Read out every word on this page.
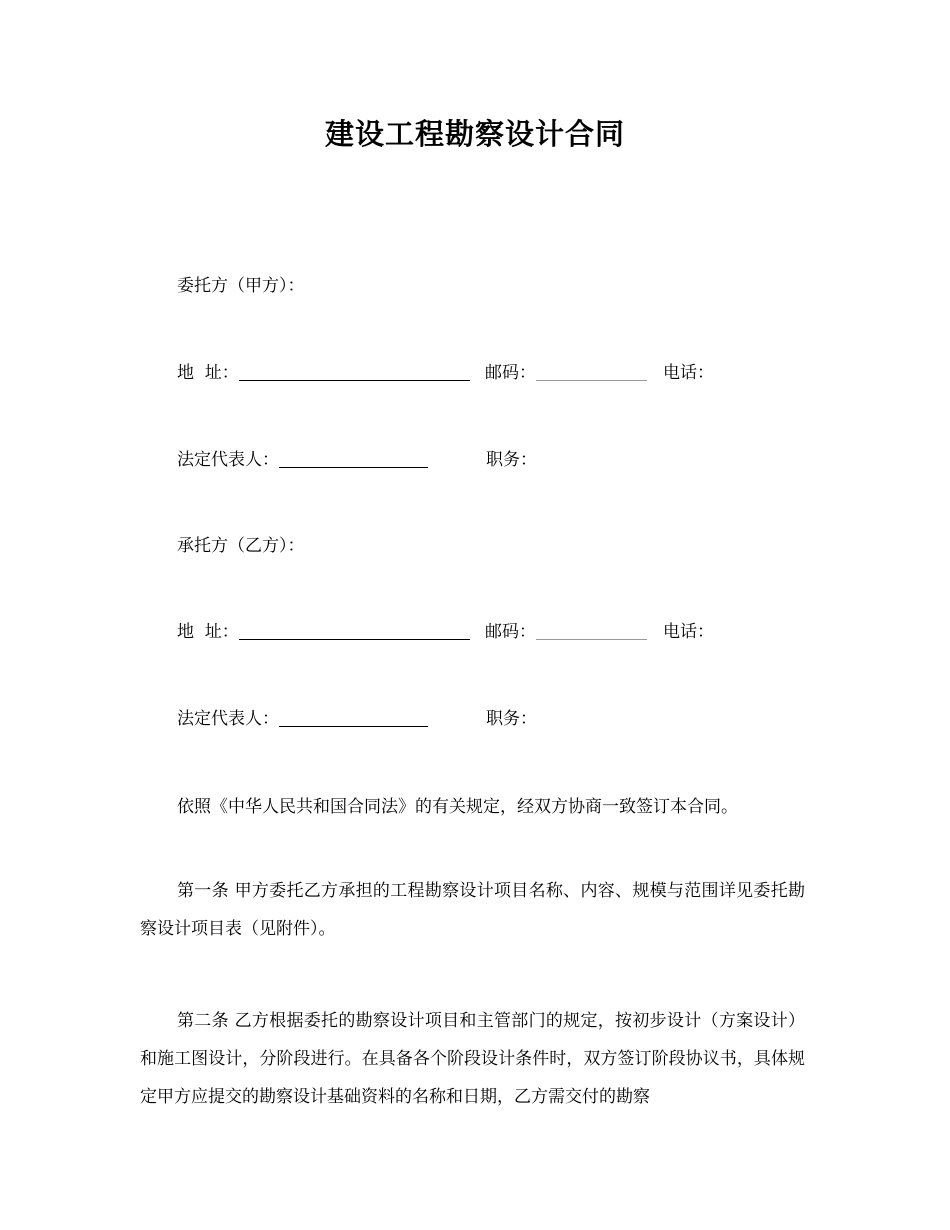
建设工程勘察设计合同
委托方（甲方）：
地  址：	邮码：	电话：
法定代表人：	职务：
承托方（乙方）：
地  址：	邮码：	电话：
法定代表人：	职务：
依照《中华人民共和国合同法》的有关规定，经双方协商一致签订本合同。
第一条 甲方委托乙方承担的工程勘察设计项目名称、内容、规模与范围详见委托勘察设计项目表（见附件）。
第二条 乙方根据委托的勘察设计项目和主管部门的规定，按初步设计（方案设计）和施工图设计，分阶段进行。在具备各个阶段设计条件时，双方签订阶段协议书，具体规定甲方应提交的勘察设计基础资料的名称和日期，乙方需交付的勘察
